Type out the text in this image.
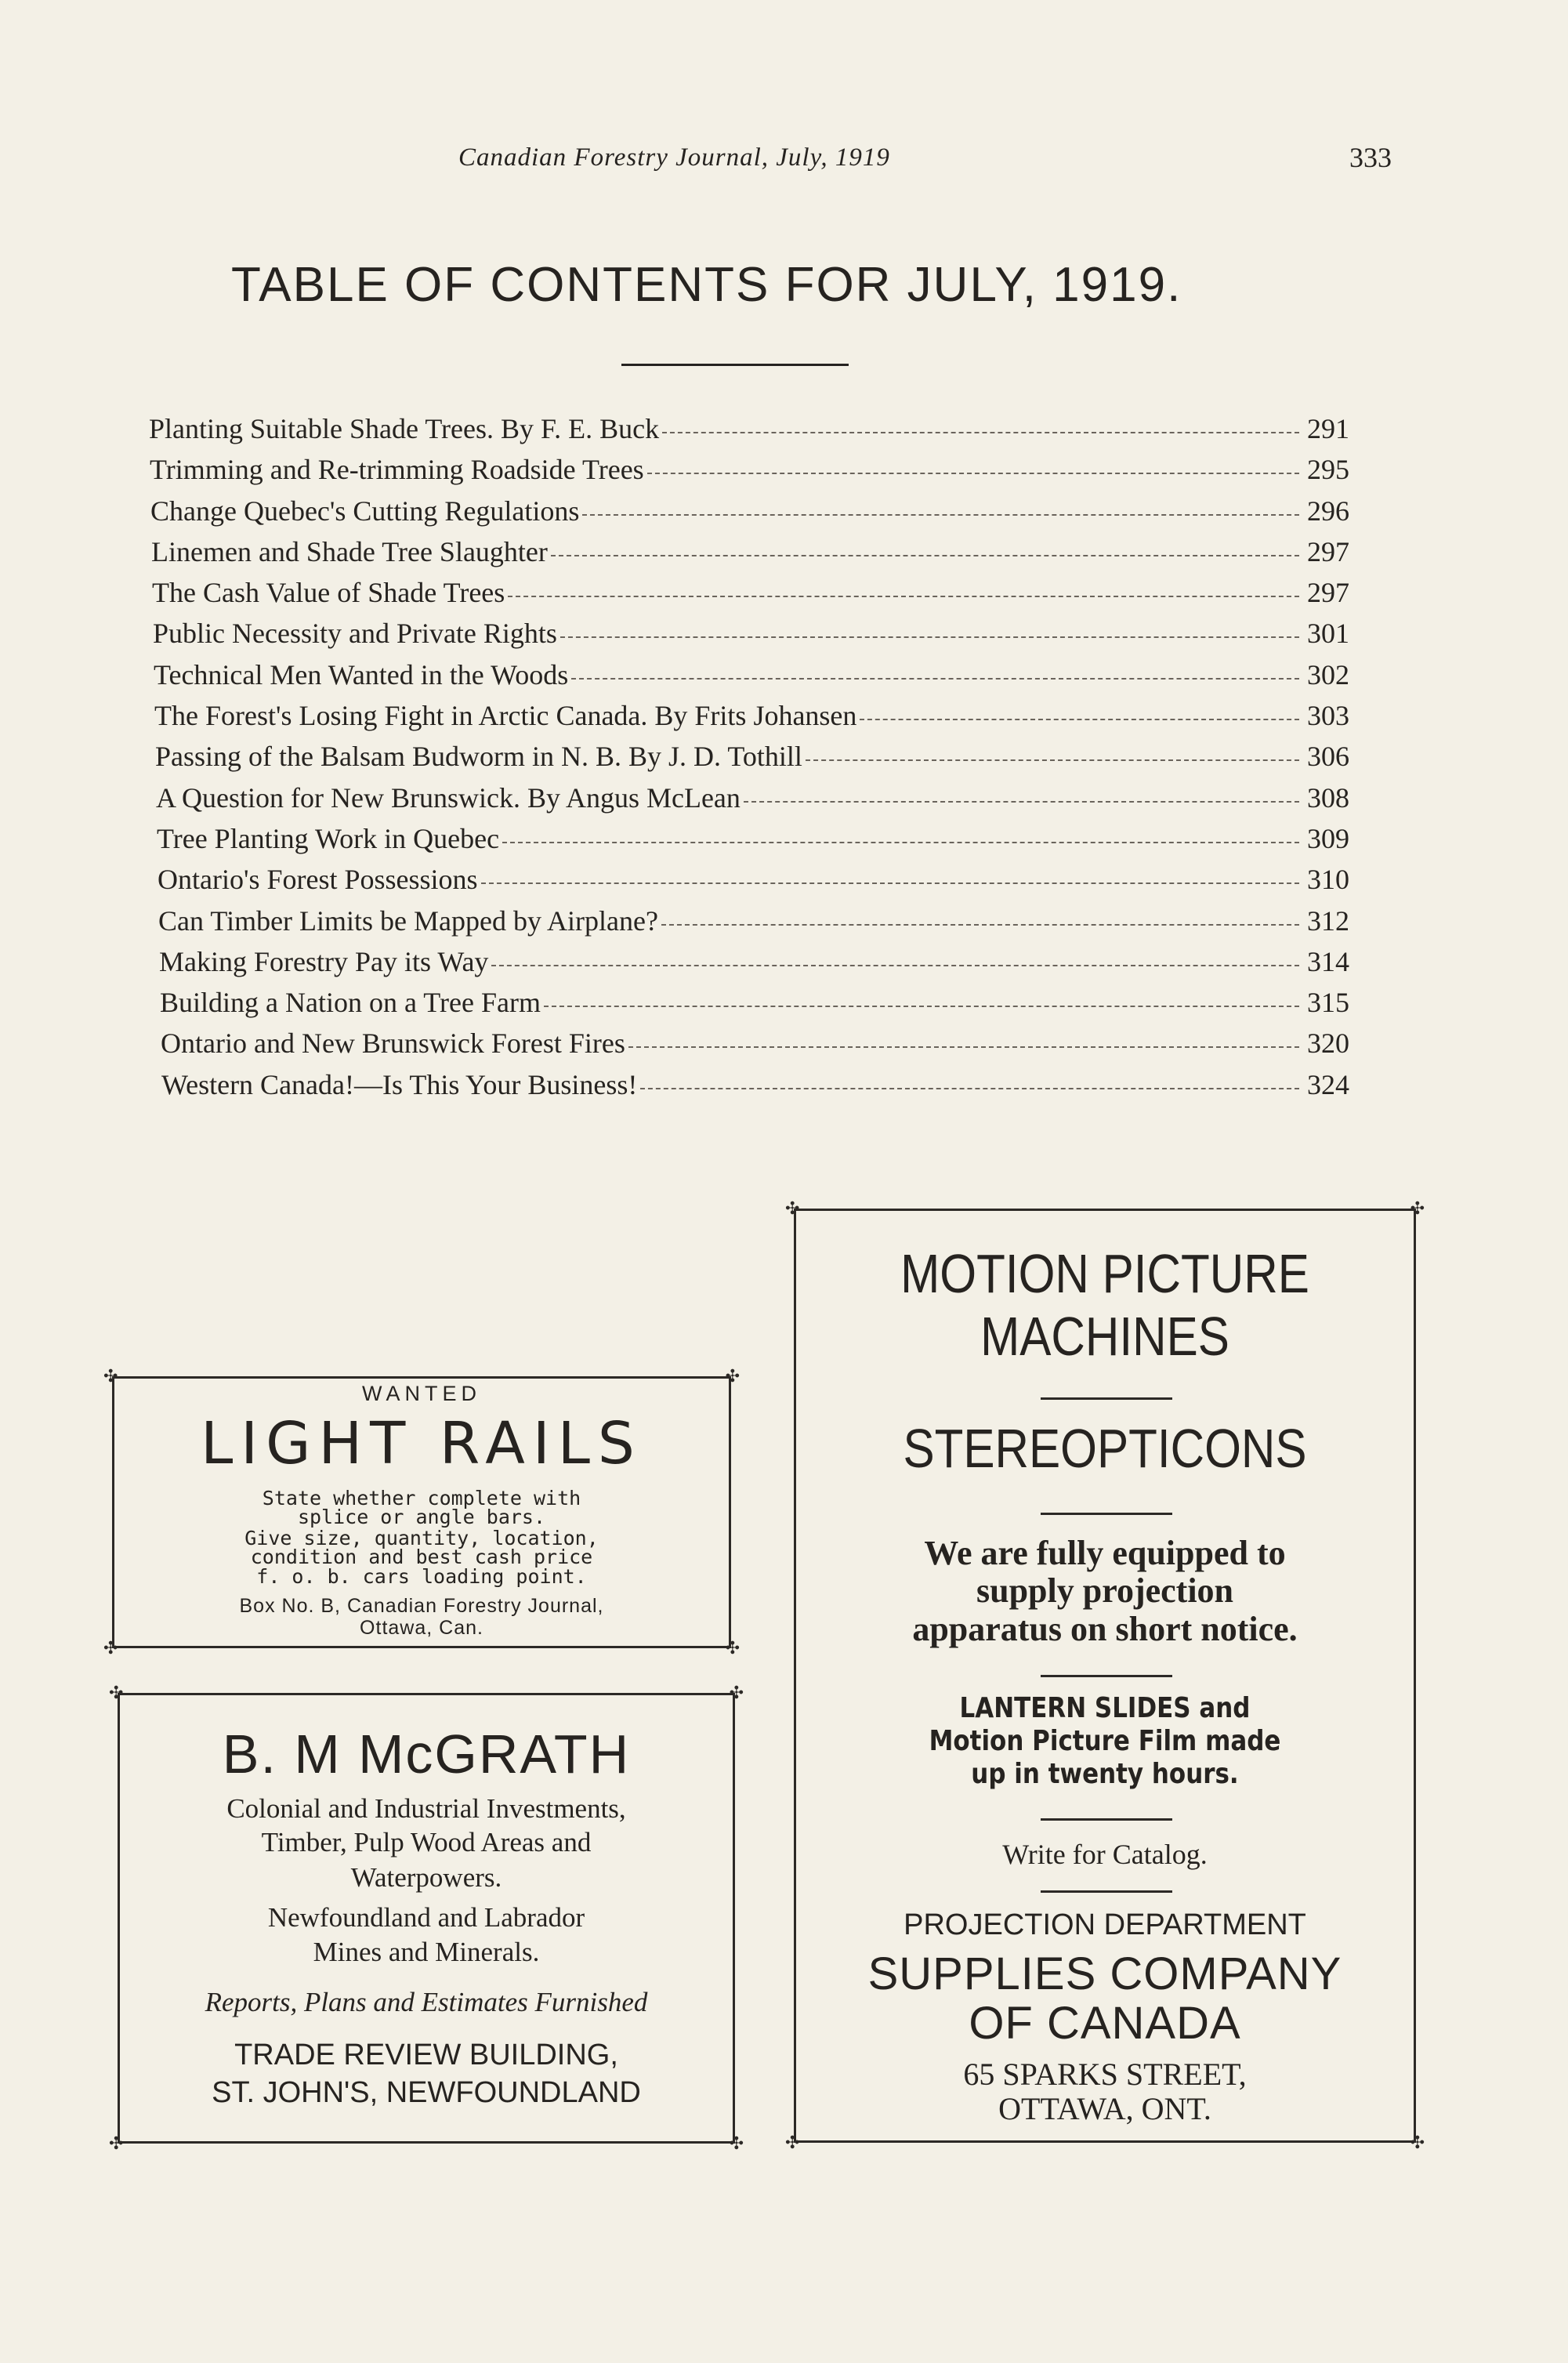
Canadian Forestry Journal, July, 1919	333
TABLE OF CONTENTS FOR JULY, 1919.
Planting Suitable Shade Trees. By F. E. Buck	291
Trimming and Re-trimming Roadside Trees	295
Change Quebec's Cutting Regulations	296
Linemen and Shade Tree Slaughter	297
The Cash Value of Shade Trees	297
Public Necessity and Private Rights	301
Technical Men Wanted in the Woods	302
The Forest's Losing Fight in Arctic Canada. By Frits Johansen	303
Passing of the Balsam Budworm in N. B. By J. D. Tothill	306
A Question for New Brunswick. By Angus McLean	308
Tree Planting Work in Quebec	309
Ontario's Forest Possessions	310
Can Timber Limits be Mapped by Airplane?	312
Making Forestry Pay its Way	314
Building a Nation on a Tree Farm	315
Ontario and New Brunswick Forest Fires	320
Western Canada!—Is This Your Business!	324
✣	✣
✣	✣
WANTED
LIGHT RAILS
State whether complete with
splice or angle bars.
Give size, quantity, location,
condition and best cash price
f. o. b. cars loading point.
Box No. B, Canadian Forestry Journal,
Ottawa, Can.
✣	✣
✣	✣
B. M McGRATH
Colonial and Industrial Investments,
Timber, Pulp Wood Areas and
Waterpowers.
Newfoundland and Labrador
Mines and Minerals.
Reports, Plans and Estimates Furnished
TRADE REVIEW BUILDING,
ST. JOHN'S, NEWFOUNDLAND
✣	✣
✣	✣
MOTION PICTURE
MACHINES
STEREOPTICONS
We are fully equipped to
supply projection
apparatus on short notice.
LANTERN SLIDES and
Motion Picture Film made
up in twenty hours.
Write for Catalog.
PROJECTION DEPARTMENT
SUPPLIES COMPANY
OF CANADA
65 SPARKS STREET,
OTTAWA, ONT.
